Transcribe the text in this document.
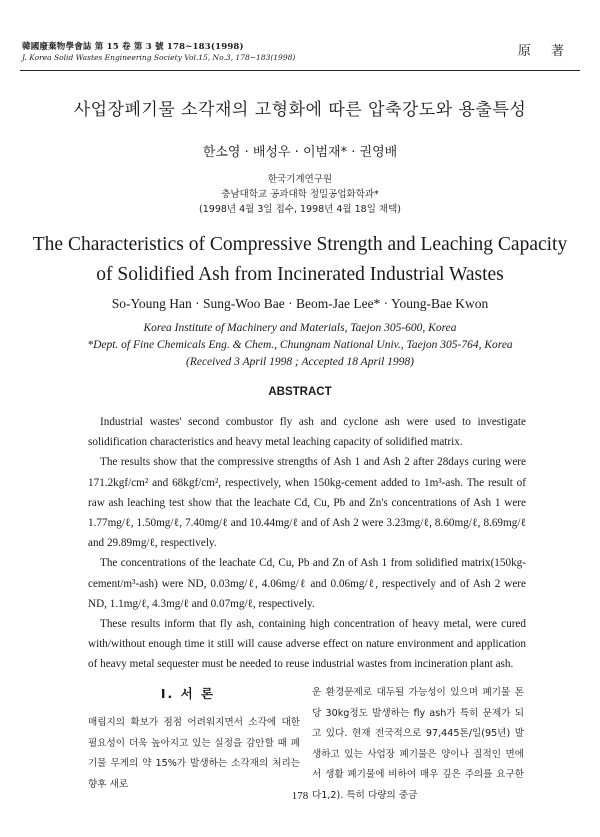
韓國廢棄物學會誌 第 15 卷 第 3 號 178~183(1998)
J. Korea Solid Wastes Engineering Society Vol.15, No.3, 178~183(1998)	原 著
사업장폐기물 소각재의 고형화에 따른 압축강도와 용출특성
한소영 · 배성우 · 이범재* · 권영배
한국기계연구원
충남대학교 공과대학 정밀공업화학과*
(1998년 4월 3일 접수, 1998년 4월 18일 채택)
The Characteristics of Compressive Strength and Leaching Capacity
of Solidified Ash from Incinerated Industrial Wastes
So-Young Han · Sung-Woo Bae · Beom-Jae Lee* · Young-Bae Kwon
Korea Institute of Machinery and Materials, Taejon 305-600, Korea
*Dept. of Fine Chemicals Eng. & Chem., Chungnam National Univ., Taejon 305-764, Korea
(Received 3 April 1998 ; Accepted 18 April 1998)
ABSTRACT

Industrial wastes' second combustor fly ash and cyclone ash were used to investigate solidification characteristics and heavy metal leaching capacity of solidified matrix.

The results show that the compressive strengths of Ash 1 and Ash 2 after 28days curing were 171.2kgf/cm² and 68kgf/cm², respectively, when 150kg-cement added to 1m³-ash. The result of raw ash leaching test show that the leachate Cd, Cu, Pb and Zn's concentrations of Ash 1 were 1.77mg/ℓ, 1.50mg/ℓ, 7.40mg/ℓ and 10.44mg/ℓ and of Ash 2 were 3.23mg/ℓ, 8.60mg/ℓ, 8.69mg/ℓ and 29.89mg/ℓ, respectively.

The concentrations of the leachate Cd, Cu, Pb and Zn of Ash 1 from solidified matrix(150kg-cement/m³-ash) were ND, 0.03mg/ℓ, 4.06mg/ℓ and 0.06mg/ℓ, respectively and of Ash 2 were ND, 1.1mg/ℓ, 4.3mg/ℓ and 0.07mg/ℓ, respectively.

These results inform that fly ash, containing high concentration of heavy metal, were cured with/without enough time it still will cause adverse effect on nature environment and application of heavy metal sequester must be needed to reuse industrial wastes from incineration plant ash.

I. 서 론

매립지의 확보가 점점 어려워지면서 소각에 대한 필요성이 더욱 높아지고 있는 실정을 감안할 때 폐기물 무게의 약 15%가 발생하는 소각재의 처리는 향후 새로

운 환경문제로 대두될 가능성이 있으며 폐기물 톤당 30kg정도 발생하는 fly ash가 특히 문제가 되고 있다. 현재 전국적으로 97,445톤/일(95년) 발생하고 있는 사업장 폐기물은 양이나 질적인 면에서 생활 폐기물에 비하여 매우 깊은 주의를 요구한다1,2). 특히 다량의 중금

178
